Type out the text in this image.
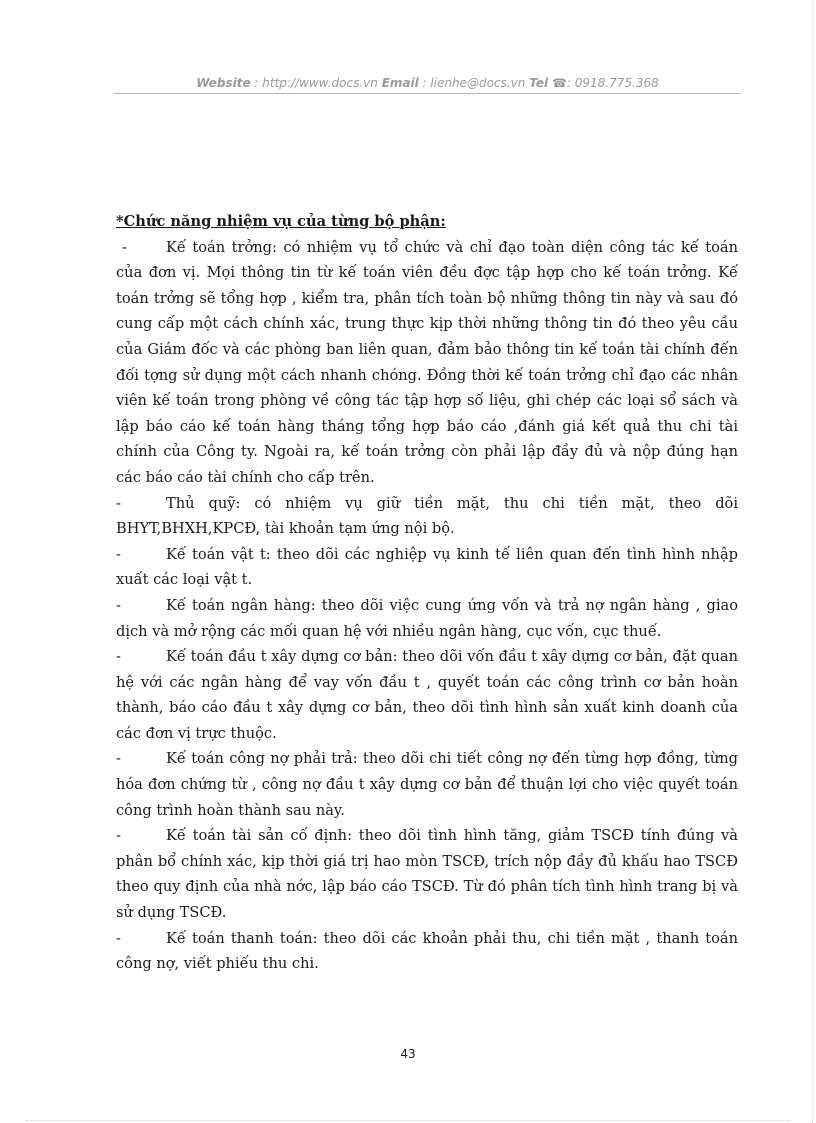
Website : http://www.docs.vn Email : lienhe@docs.vn Tel ☎: 0918.775.368

*Chức năng nhiệm vụ của từng bộ phận:

-	Kế toán trởng: có nhiệm vụ tổ chức và chỉ đạo toàn diện công tác kế toán của đơn vị. Mọi thông tin từ kế toán viên đều đợc tập hợp cho kế toán trởng. Kế toán trởng sẽ tổng hợp , kiểm tra, phân tích toàn bộ những thông tin này và sau đó cung cấp một cách chính xác, trung thực kịp thời những thông tin đó theo yêu cầu của Giám đốc và các phòng ban liên quan, đảm bảo thông tin kế toán tài chính đến đối tợng sử dụng một cách nhanh chóng. Đồng thời kế toán trởng chỉ đạo các nhân viên kế toán trong phòng về công tác tập hợp số liệu, ghi chép các loại sổ sách và lập báo cáo kế toán hàng tháng tổng hợp báo cáo ,đánh giá kết quả thu chi tài chính của Công ty. Ngoài ra, kế toán trởng còn phải lập đầy đủ và nộp đúng hạn các báo cáo tài chính cho cấp trên.

-	Thủ quỹ: có nhiệm vụ giữ tiền mặt, thu chi tiền mặt, theo dõi BHYT,BHXH,KPCĐ, tài khoản tạm ứng nội bộ.

-	Kế toán vật t: theo dõi các nghiệp vụ kinh tế liên quan đến tình hình nhập xuất các loại vật t.

-	Kế toán ngân hàng: theo dõi việc cung ứng vốn và trả nợ ngân hàng , giao dịch và mở rộng các mối quan hệ với nhiều ngân hàng, cục vốn, cục thuế.

-	Kế toán đầu t xây dựng cơ bản: theo dõi vốn đầu t xây dựng cơ bản, đặt quan hệ với các ngân hàng để vay vốn đầu t , quyết toán các công trình cơ bản hoàn thành, báo cáo đầu t xây dựng cơ bản, theo dõi tình hình sản xuất kinh doanh của các đơn vị trực thuộc.

-	Kế toán công nợ phải trả: theo dõi chi tiết công nợ đến từng hợp đồng, từng hóa đơn chứng từ , công nợ đầu t xây dựng cơ bản để thuận lợi cho việc quyết toán công trình hoàn thành sau này.

-	Kế toán tài sản cố định: theo dõi tình hình tăng, giảm TSCĐ tính đúng và phân bổ chính xác, kịp thời giá trị hao mòn TSCĐ, trích nộp đầy đủ khấu hao TSCĐ theo quy định của nhà nớc, lập báo cáo TSCĐ. Từ đó phân tích tình hình trang bị và sử dụng TSCĐ.

-	Kế toán thanh toán: theo dõi các khoản phải thu, chi tiền mặt , thanh toán công nợ, viết phiếu thu chi.

43
